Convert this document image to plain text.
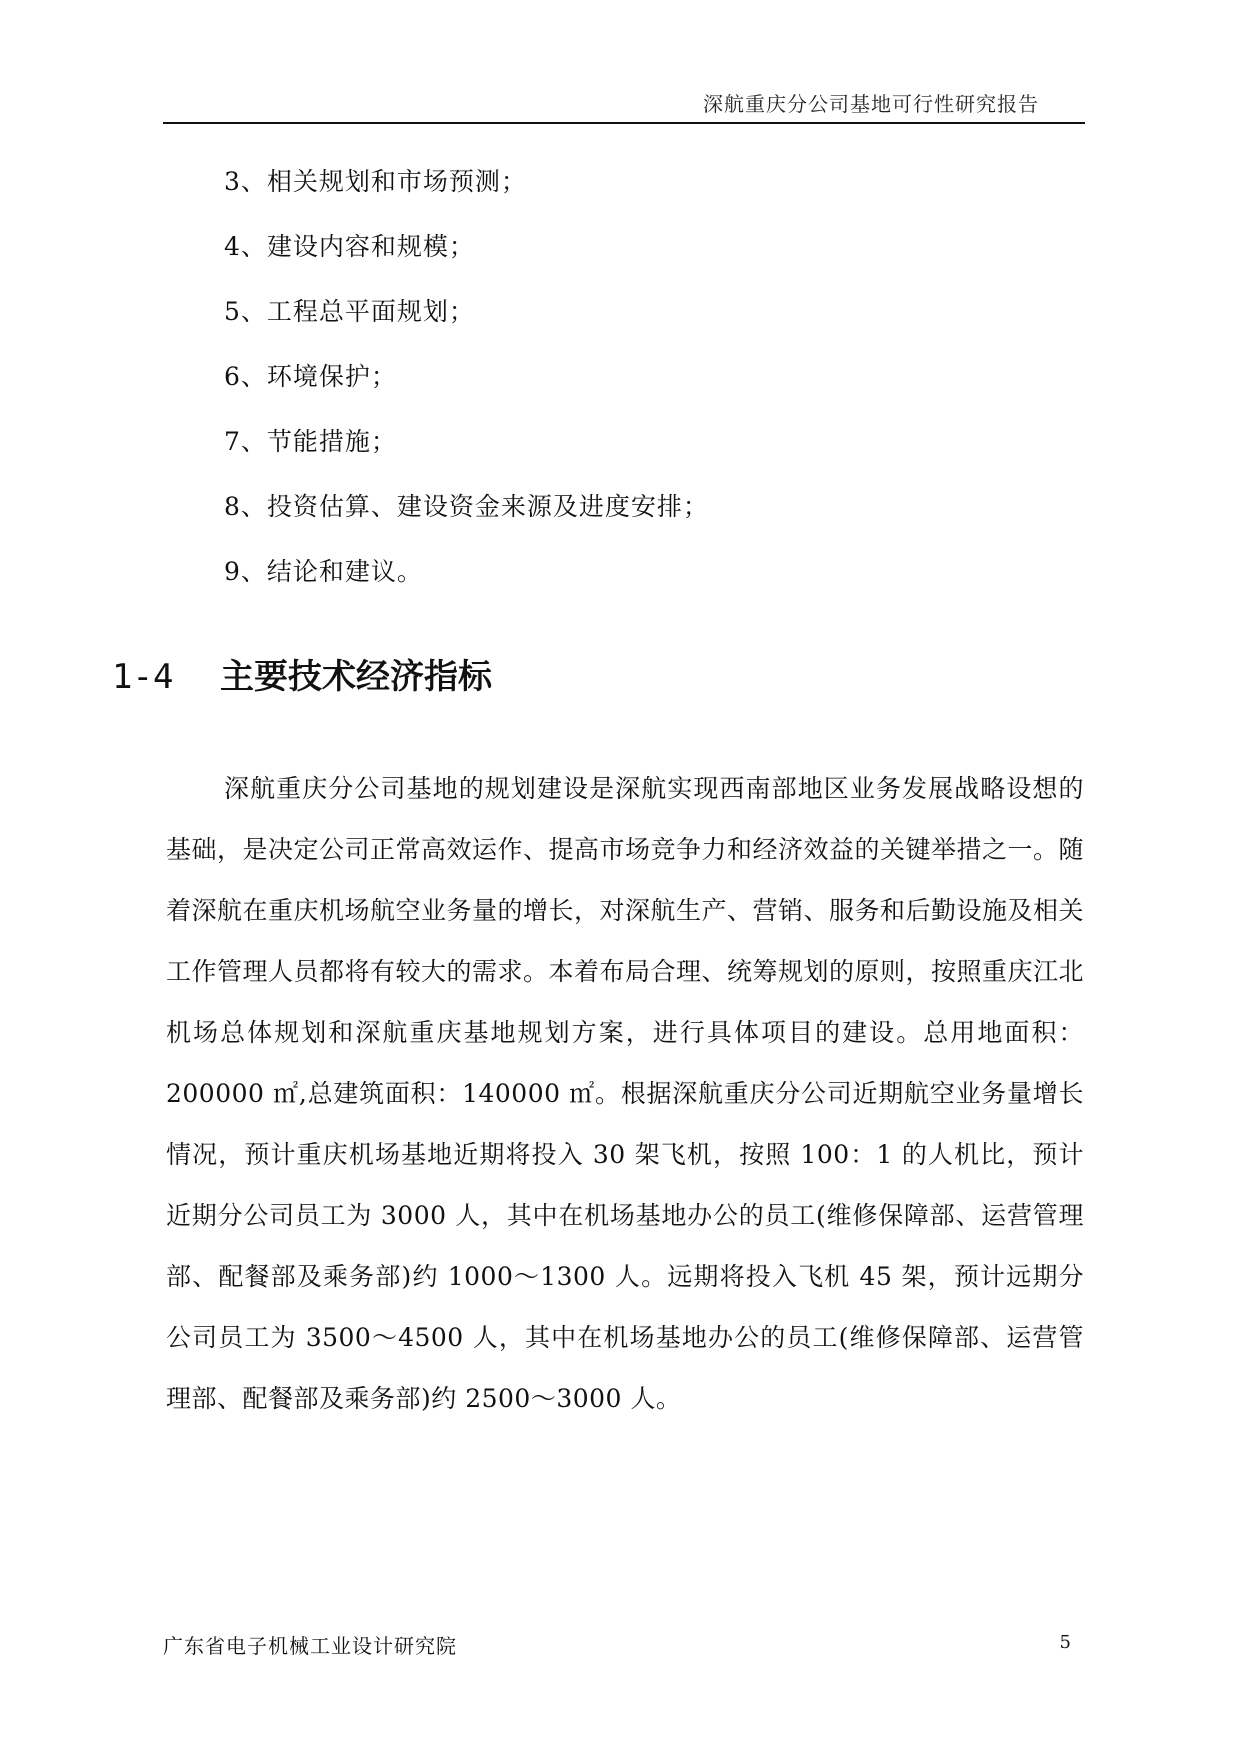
深航重庆分公司基地可行性研究报告
3、相关规划和市场预测；
4、建设内容和规模；
5、工程总平面规划；
6、环境保护；
7、节能措施；
8、投资估算、建设资金来源及进度安排；
9、结论和建议。
1-4 主要技术经济指标

深航重庆分公司基地的规划建设是深航实现西南部地区业务发展战略设想的基础，是决定公司正常高效运作、提高市场竞争力和经济效益的关键举措之一。随着深航在重庆机场航空业务量的增长，对深航生产、营销、服务和后勤设施及相关工作管理人员都将有较大的需求。本着布局合理、统筹规划的原则，按照重庆江北机场总体规划和深航重庆基地规划方案，进行具体项目的建设。总用地面积：200000 ㎡,总建筑面积：140000 ㎡。根据深航重庆分公司近期航空业务量增长情况，预计重庆机场基地近期将投入 30 架飞机，按照 100：1 的人机比，预计近期分公司员工为 3000 人，其中在机场基地办公的员工(维修保障部、运营管理部、配餐部及乘务部)约 1000～1300 人。远期将投入飞机 45 架，预计远期分公司员工为 3500～4500 人，其中在机场基地办公的员工(维修保障部、运营管理部、配餐部及乘务部)约 2500～3000 人。

广东省电子机械工业设计研究院	5
